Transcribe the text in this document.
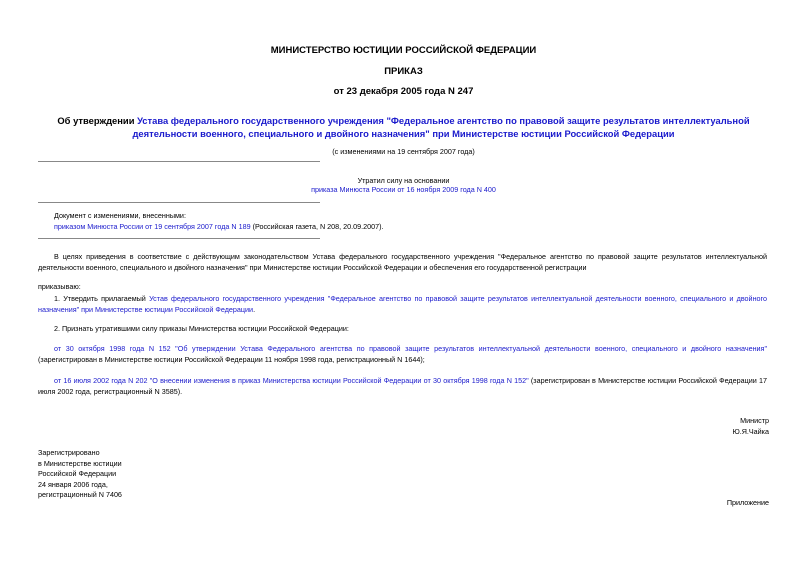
МИНИСТЕРСТВО ЮСТИЦИИ РОССИЙСКОЙ ФЕДЕРАЦИИ
ПРИКАЗ
от 23 декабря 2005 года N 247
Об утверждении Устава федерального государственного учреждения "Федеральное агентство по правовой защите результатов интеллектуальной деятельности военного, специального и двойного назначения" при Министерстве юстиции Российской Федерации
(с изменениями на 19 сентября 2007 года)
Утратил силу на основании
приказа Минюста России от 16 ноября 2009 года N 400
Документ с изменениями, внесенными:
приказом Минюста России от 19 сентября 2007 года N 189 (Российская газета, N 208, 20.09.2007).
В целях приведения в соответствие с действующим законодательством Устава федерального государственного учреждения "Федеральное агентство по правовой защите результатов интеллектуальной деятельности военного, специального и двойного назначения" при Министерстве юстиции Российской Федерации и обеспечения его государственной регистрации
приказываю:
1. Утвердить прилагаемый Устав федерального государственного учреждения "Федеральное агентство по правовой защите результатов интеллектуальной деятельности военного, специального и двойного назначения" при Министерстве юстиции Российской Федерации.
2. Признать утратившими силу приказы Министерства юстиции Российской Федерации:
от 30 октября 1998 года N 152 "Об утверждении Устава Федерального агентства по правовой защите результатов интеллектуальной деятельности военного, специального и двойного назначения" (зарегистрирован в Министерстве юстиции Российской Федерации 11 ноября 1998 года, регистрационный N 1644);
от 16 июля 2002 года N 202 "О внесении изменения в приказ Министерства юстиции Российской Федерации от 30 октября 1998 года N 152" (зарегистрирован в Министерстве юстиции Российской Федерации 17 июля 2002 года, регистрационный N 3585).
Министр
Ю.Я.Чайка
Зарегистрировано
в Министерстве юстиции
Российской Федерации
24 января 2006 года,
регистрационный N 7406
Приложение
